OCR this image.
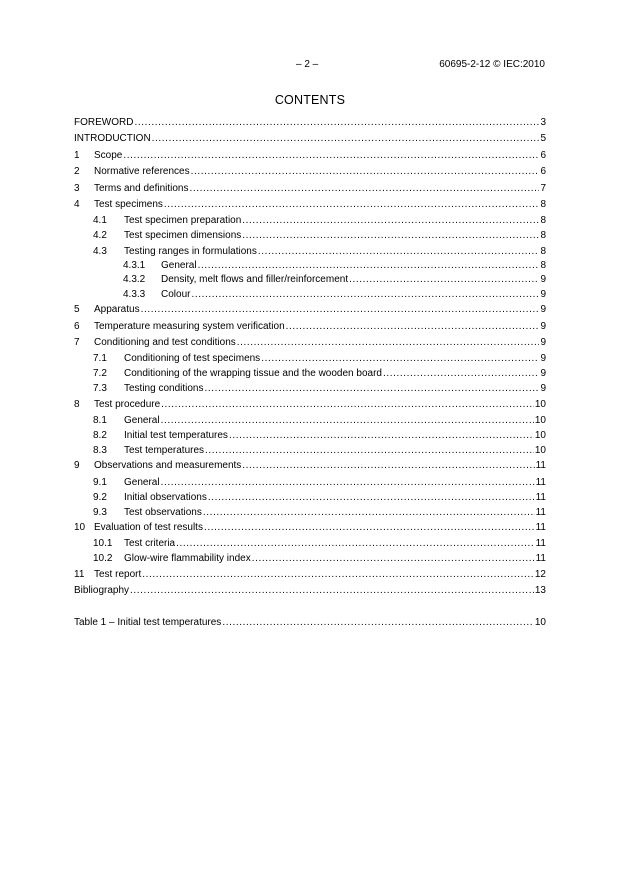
– 2 –	60695-2-12 © IEC:2010
CONTENTS
FOREWORD .....	3
INTRODUCTION .....	5
1 Scope .....	6
2 Normative references .....	6
3 Terms and definitions .....	7
4 Test specimens .....	8
4.1 Test specimen preparation .....	8
4.2 Test specimen dimensions .....	8
4.3 Testing ranges in formulations .....	8
4.3.1 General .....	8
4.3.2 Density, melt flows and filler/reinforcement .....	9
4.3.3 Colour .....	9
5 Apparatus .....	9
6 Temperature measuring system verification .....	9
7 Conditioning and test conditions .....	9
7.1 Conditioning of test specimens .....	9
7.2 Conditioning of the wrapping tissue and the wooden board .....	9
7.3 Testing conditions .....	9
8 Test procedure .....	10
8.1 General .....	10
8.2 Initial test temperatures .....	10
8.3 Test temperatures .....	10
9 Observations and measurements .....	11
9.1 General .....	11
9.2 Initial observations .....	11
9.3 Test observations .....	11
10 Evaluation of test results .....	11
10.1 Test criteria .....	11
10.2 Glow-wire flammability index .....	11
11 Test report .....	12
Bibliography .....	13
Table 1 – Initial test temperatures .....	10
